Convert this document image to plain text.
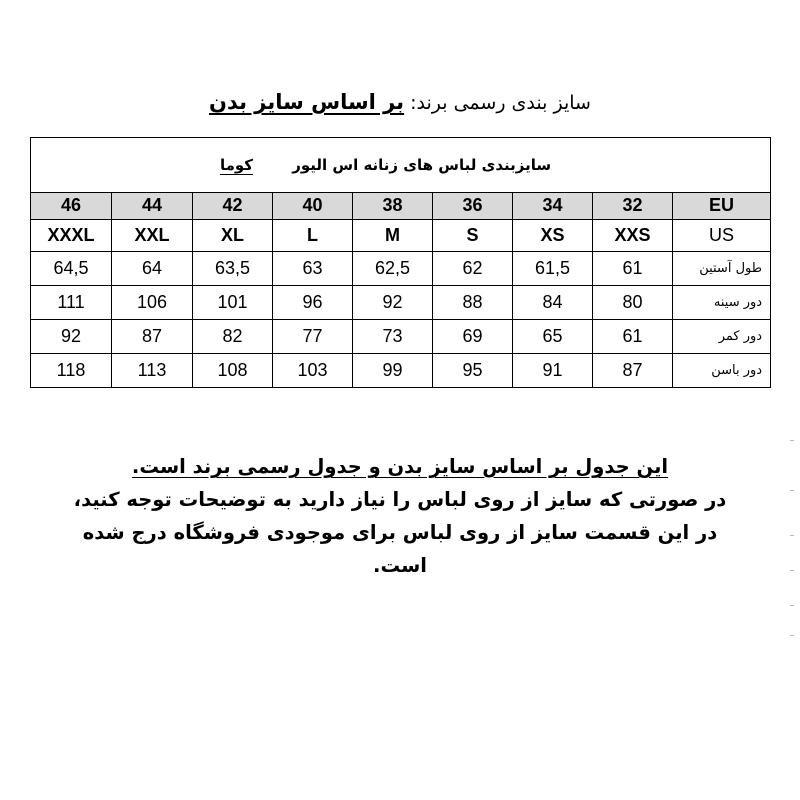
سایز بندی رسمی برند: بر اساس سایز بدن
سایزبندی لباس های زنانه اس الیور کوما								
46	44	42	40	38	36	34	32	EU
XXXL	XXL	XL	L	M	S	XS	XXS	US
64,5	64	63,5	63	62,5	62	61,5	61	طول آستین
111	106	101	96	92	88	84	80	دور سینه
92	87	82	77	73	69	65	61	دور کمر
118	113	108	103	99	95	91	87	دور باسن
این جدول بر اساس سایز بدن و جدول رسمی برند است.
در صورتی که سایز از روی لباس را نیاز دارید به توضیحات توجه کنید،
در این قسمت سایز از روی لباس برای موجودی فروشگاه درج شده
است.
